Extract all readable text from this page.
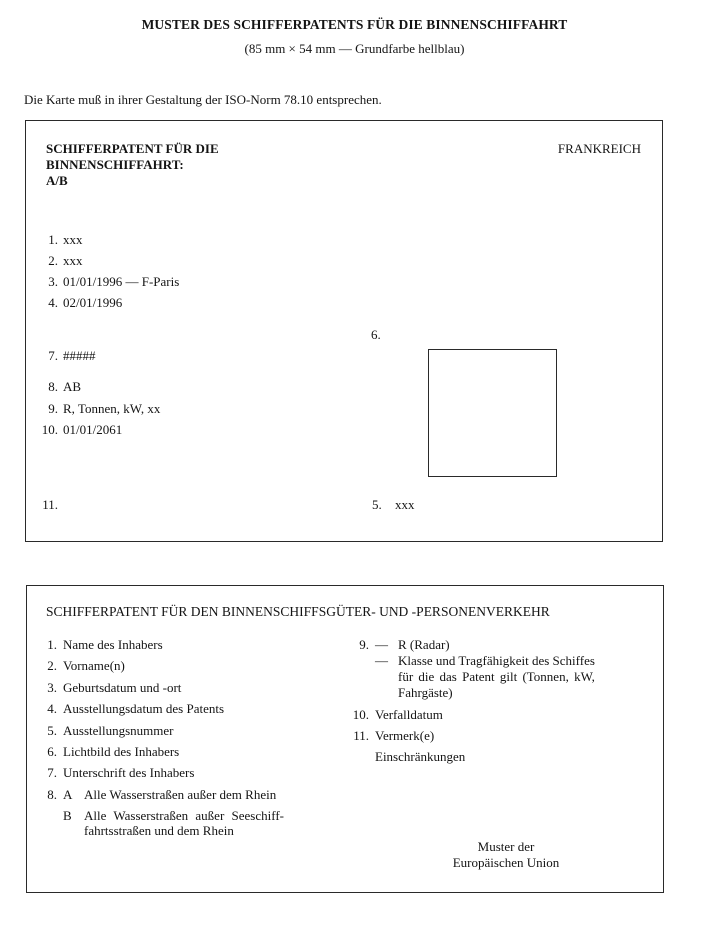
MUSTER DES SCHIFFERPATENTS FÜR DIE BINNENSCHIFFAHRT
(85 mm × 54 mm — Grundfarbe hellblau)
Die Karte muß in ihrer Gestaltung der ISO-Norm 78.10 entsprechen.
SCHIFFERPATENT FÜR DIE
BINNENSCHIFFAHRT:
A/B
FRANKREICH
1. xxx
2. xxx
3. 01/01/1996 — F-Paris
4. 02/01/1996
7. #####
8. AB
9. R, Tonnen, kW, xx
10. 01/01/2061
11.
6.
5. xxx
SCHIFFERPATENT FÜR DEN BINNENSCHIFFSGÜTER- UND -PERSONENVERKEHR
1. Name des Inhabers
2. Vorname(n)
3. Geburtsdatum und -ort
4. Ausstellungsdatum des Patents
5. Ausstellungsnummer
6. Lichtbild des Inhabers
7. Unterschrift des Inhabers
8. A Alle Wasserstraßen außer dem Rhein
B Alle Wasserstraßen außer Seeschiff-
fahrtsstraßen und dem Rhein
9. — R (Radar)
— Klasse und Tragfähigkeit des Schiffes
für die das Patent gilt (Tonnen, kW,
Fahrgäste)
10. Verfalldatum
11. Vermerk(e)
Einschränkungen
Muster der
Europäischen Union
